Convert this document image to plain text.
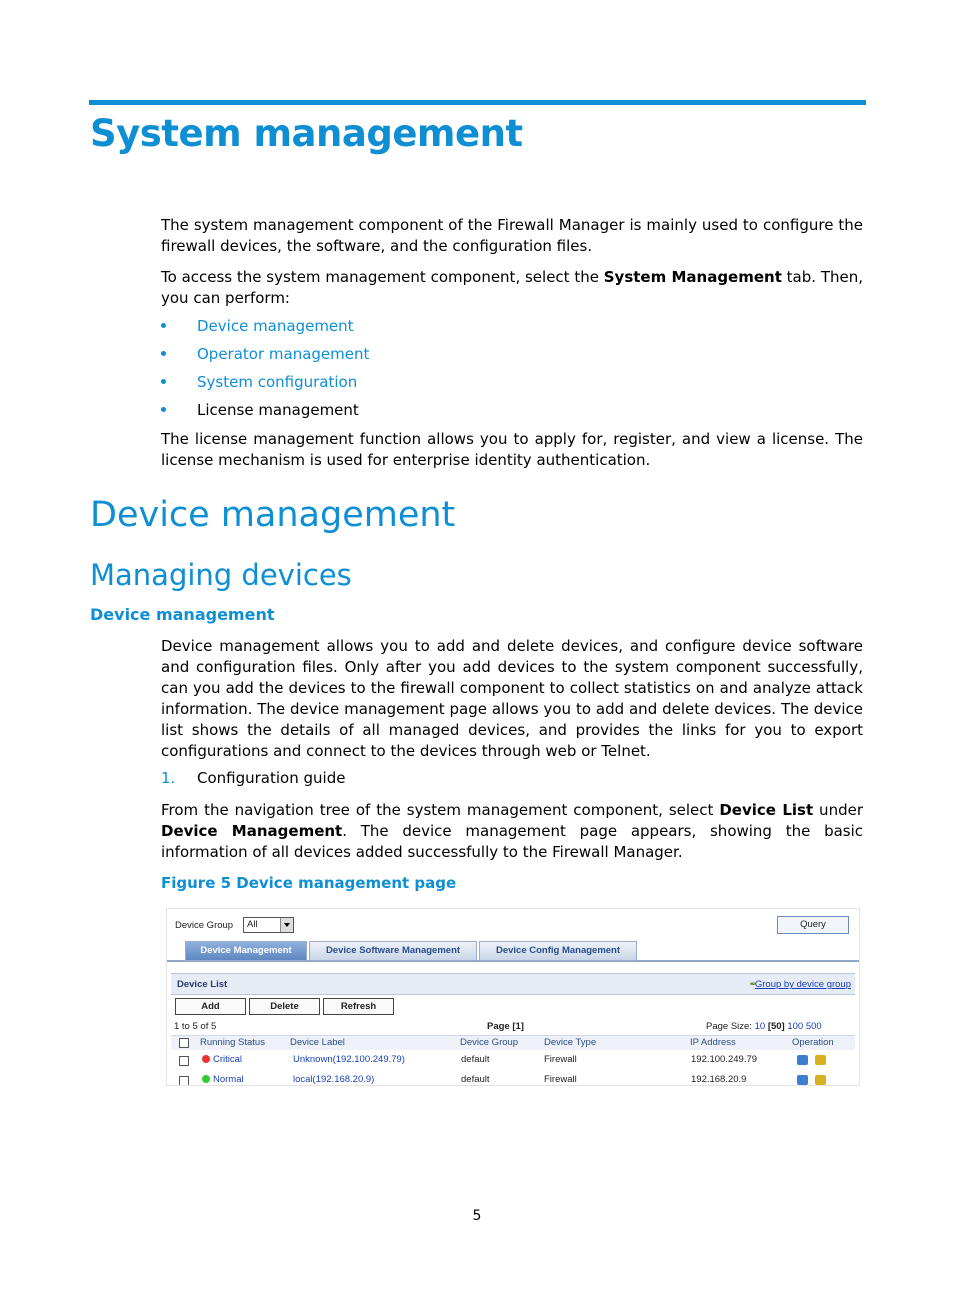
System management

The system management component of the Firewall Manager is mainly used to configure the firewall devices, the software, and the configuration files.

To access the system management component, select the System Management tab. Then, you can perform:

Device management
Operator management
System configuration
License management

The license management function allows you to apply for, register, and view a license. The license mechanism is used for enterprise identity authentication.

Device management
Managing devices
Device management

Device management allows you to add and delete devices, and configure device software and configuration files. Only after you add devices to the system component successfully, can you add the devices to the firewall component to collect statistics on and analyze attack information. The device management page allows you to add and delete devices. The device list shows the details of all managed devices, and provides the links for you to export configurations and connect to the devices through web or Telnet.

1. Configuration guide

From the navigation tree of the system management component, select Device List under Device Management. The device management page appears, showing the basic information of all devices added successfully to the Firewall Manager.

Figure 5 Device management page
Device Group All	Query
Device Management	Device Software Management	Device Config Management
Device List	✒
Group by device group
Add	Delete	Refresh
1 to 5 of 5	Page [1]	Page Size: 10 [50] 100 500
Running Status	Device Label	Device Group	Device Type	IP Address	Operation
Critical	Unknown(192.100.249.79)	default	Firewall	192.100.249.79
Normal	local(192.168.20.9)	default	Firewall	192.168.20.9
5
